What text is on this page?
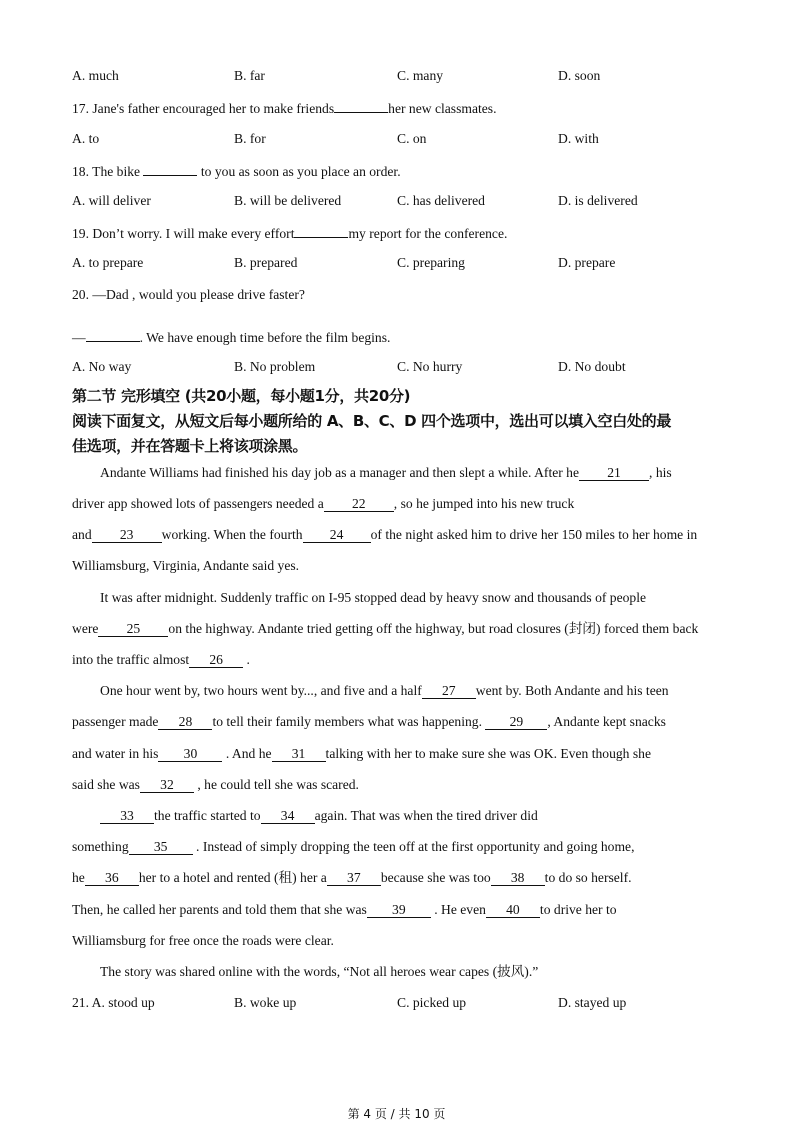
第二节 完形填空 (共20小题，每小题1分，共20分)
阅读下面复文，从短文后每小题所给的 A、B、C、D 四个选项中，选出可以填入空白处的最
佳选项，并在答题卡上将该项涂黑。
第 4 页 / 共 10 页
A. much	B. far	C. many	D. soon
17. Jane's father encouraged her to make friends	her new classmates.
A. to	B. for	C. on	D. with
18. The bike	to you as soon as you place an order.
A. will deliver	B. will be delivered	C. has delivered	D. is delivered
19. Don’t worry. I will make every effort	my report for the conference.
A. to prepare	B. prepared	C. preparing	D. prepare
20. —Dad , would you please drive faster?
—	. We have enough time before the film begins.
A. No way	B. No problem	C. No hurry	D. No doubt
Andante Williams had finished his day job as a manager and then slept a while. After he 21 , his
driver app showed lots of passengers needed a 22 , so he jumped into his new truck
and 23 working. When the fourth 24 of the night asked him to drive her 150 miles to her home in
Williamsburg, Virginia, Andante said yes.
It was after midnight. Suddenly traffic on I-95 stopped dead by heavy snow and thousands of people
were 25 on the highway. Andante tried getting off the highway, but road closures (封闭) forced them back
into the traffic almost 26 .
One hour went by, two hours went by..., and five and a half 27 went by. Both Andante and his teen
passenger made 28 to tell their family members what was happening. 29 , Andante kept snacks
and water in his 30 . And he 31 talking with her to make sure she was OK. Even though she
said she was 32 , he could tell she was scared.
33 the traffic started to 34 again. That was when the tired driver did
something 35 . Instead of simply dropping the teen off at the first opportunity and going home,
he 36 her to a hotel and rented (租) her a 37 because she was too 38 to do so herself.
Then, he called her parents and told them that she was 39 . He even 40 to drive her to
Williamsburg for free once the roads were clear.
The story was shared online with the words, “Not all heroes wear capes (披风).”
21. A. stood up	B. woke up	C. picked up	D. stayed up
